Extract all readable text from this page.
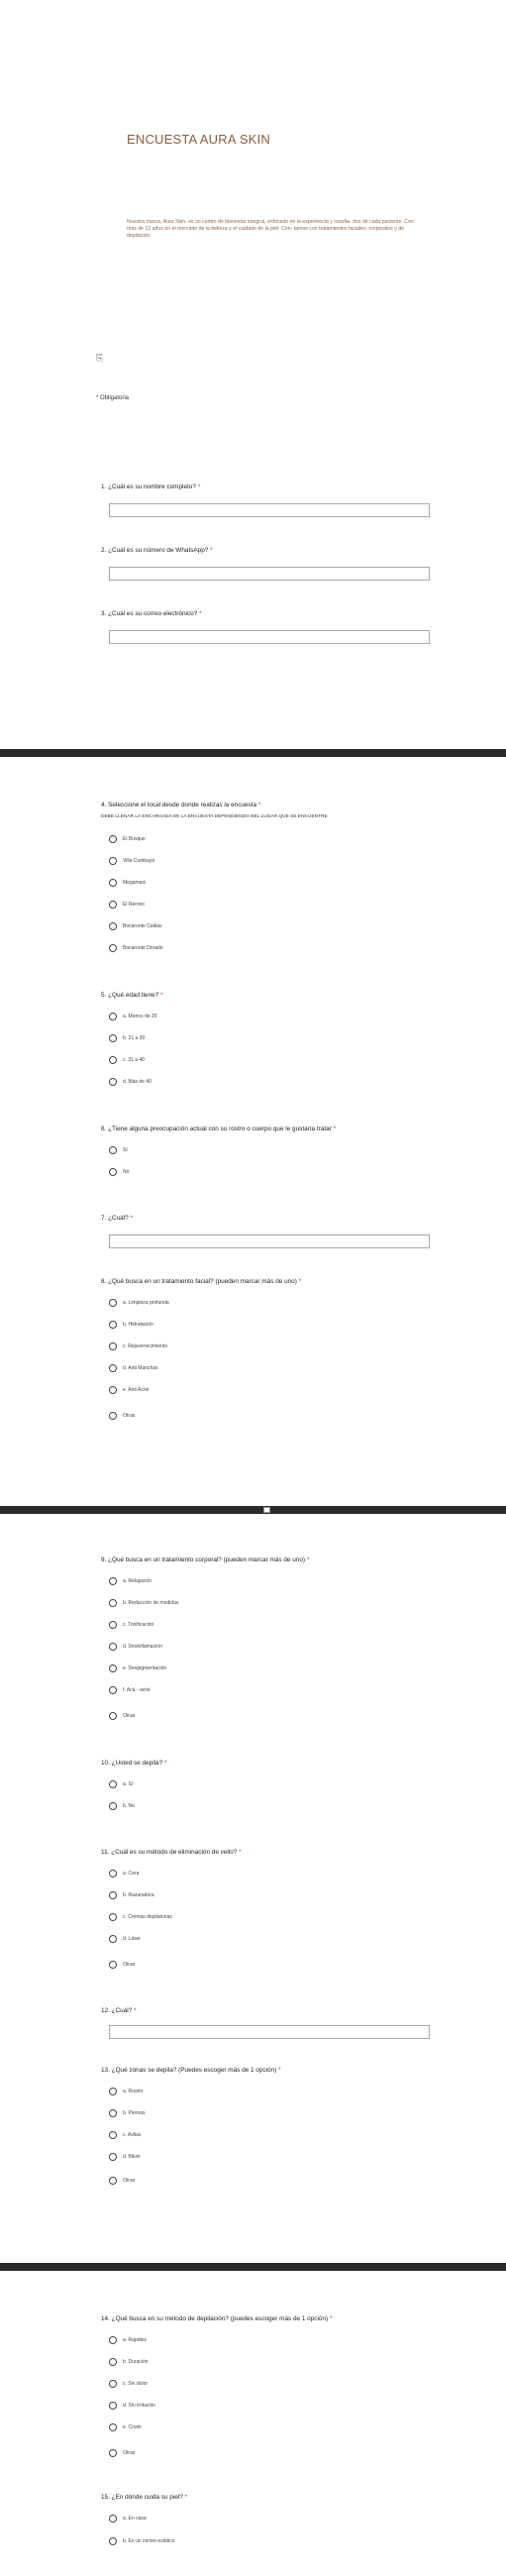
ENCUESTA AURA SKIN
Nuestra marca, Aura Skin, es un centro de bienestar integral, enfocado en la experiencia y resulta- dos de cada paciente. Con más de 12 años en el mercado de la belleza y el cuidado de la piel. Con- tamos con tratamientos faciales, corporales y de depilación.
⎘
* Obligatoria
1. ¿Cuál es su nombre completo? *
2. ¿Cuál es su número de WhatsApp? *
3. ¿Cuál es su correo electrónico? *
4. Seleccione el local desde donde realizas la encuesta *
DEBE LLENAR LA ENCARGADA DE LA ENCUESTA DEPENDIENDO DEL LUGAR QUE SE ENCUENTRE
El Bosque
Villa Cumbayá
Megamaxi
El Recreo
Bocaronte Caldas
Bocaronte Dorado
5. ¿Qué edad tiene? *
a. Menos de 20
b. 21 a 30
c. 31 a 40
d. Más de 40
6. ¿Tiene alguna preocupación actual con su rostro o cuerpo que le gustaría tratar *
Sí
No
7. ¿Cuál? *
8. ¿Qué busca en un tratamiento facial? (pueden marcar más de uno) *
a. Limpieza profunda
b. Hidratación
c. Rejuvenecimiento
d. Anti Manchas
e. Anti Acné
Otras
9. ¿Qué busca en un tratamiento corporal? (pueden marcar más de uno) *
a. Relajación
b. Reducción de medidas
c. Tonificación
d. Desinflamación
e. Despigmentación
f. Acá - acné
Otras
10. ¿Usted se depila? *
a. Sí
b. No
11. ¿Cuál es su método de eliminación de vello? *
a. Cera
b. Rasuradora
c. Cremas depilatorias
d. Láser
Otras
12. ¿Cuál? *
13. ¿Qué zonas se depila? (Puedes escoger más de 1 opción) *
a. Rostro
b. Piernas
c. Axilas
d. Bikini
Otras
14. ¿Qué busca en su método de depilación? (puedes escoger más de 1 opción) *
a. Rapidez
b. Duración
c. Sin dolor
d. Sin irritación
e. Costo
Otras
15. ¿En dónde cuida su piel? *
a. En casa
b. En un centro estético
